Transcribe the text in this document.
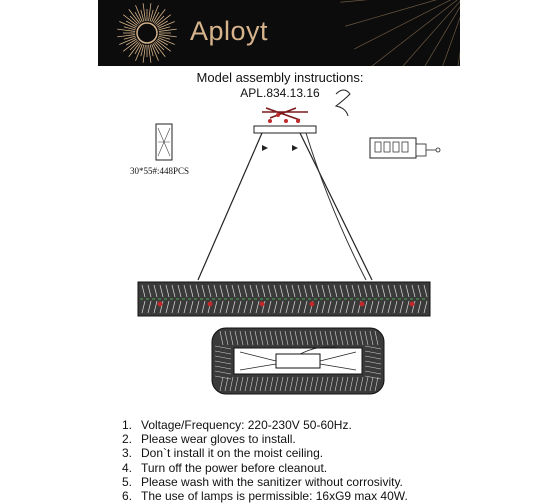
Aployt
Model assembly instructions:
APL.834.13.16
30*55#:448PCS
1. Voltage/Frequency: 220-230V 50-60Hz.
2. Please wear gloves to install.
3. Don`t install it on the moist ceiling.
4. Turn off the power before cleanout.
5. Please wash with the sanitizer without corrosivity.
6. The use of lamps is permissible: 16xG9 max 40W.
